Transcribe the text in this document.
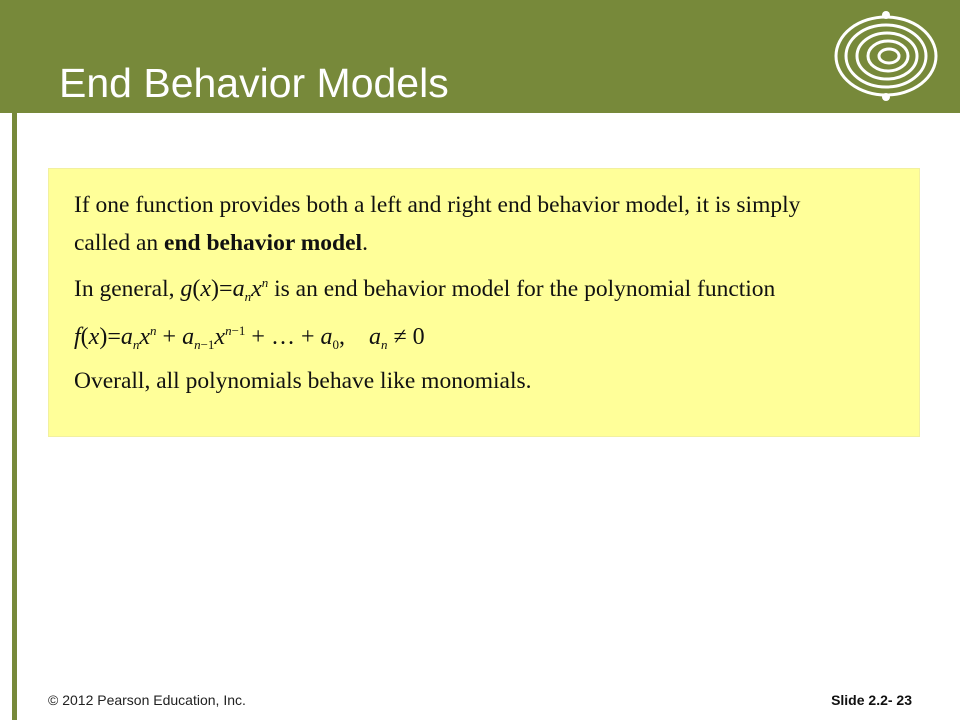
End Behavior Models

If one function provides both a left and right end behavior model, it is simply

called an end behavior model.

In general, $g(x)=a_nx^n$ is an end behavior model for the polynomial function

$f(x)=a_nx^n + a_{n-1}x^{n-1}$ + … + $a_0$,    $a_n \ne 0$

Overall, all polynomials behave like monomials.

© 2012 Pearson Education, Inc.	Slide 2.2- 23
